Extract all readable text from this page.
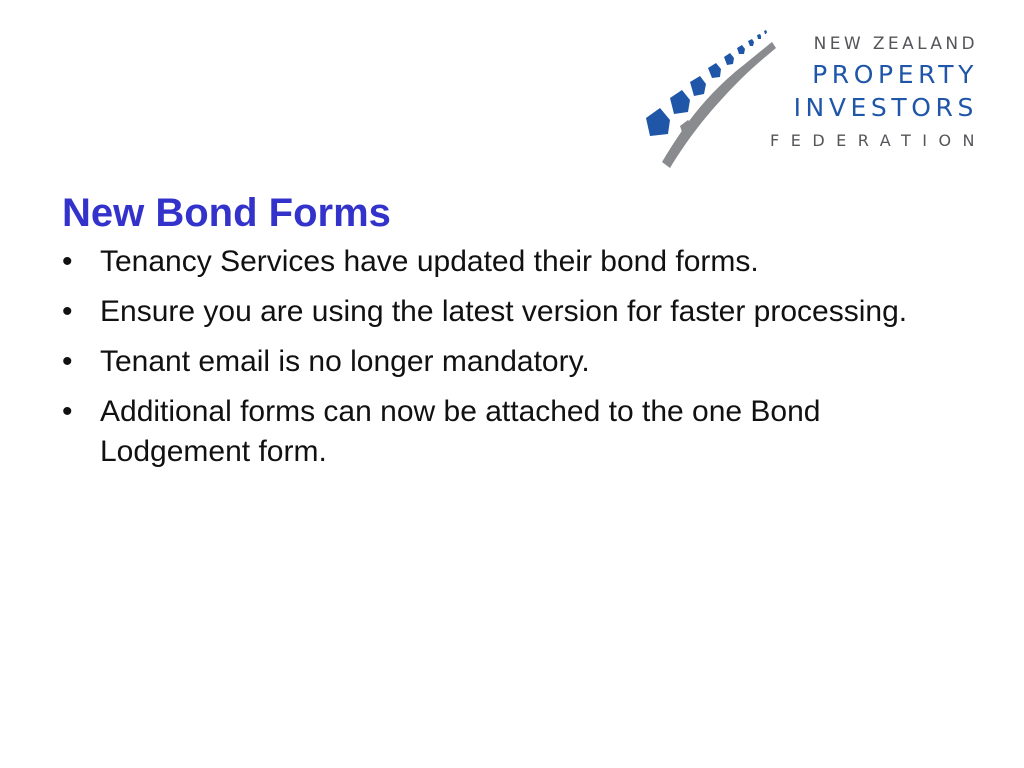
NEW ZEALAND
PROPERTY
INVESTORS
FEDERATION
New Bond Forms
• Tenancy Services have updated their bond forms.
• Ensure you are using the latest version for faster processing.
• Tenant email is no longer mandatory.
• Additional forms can now be attached to the one Bond Lodgement form.
